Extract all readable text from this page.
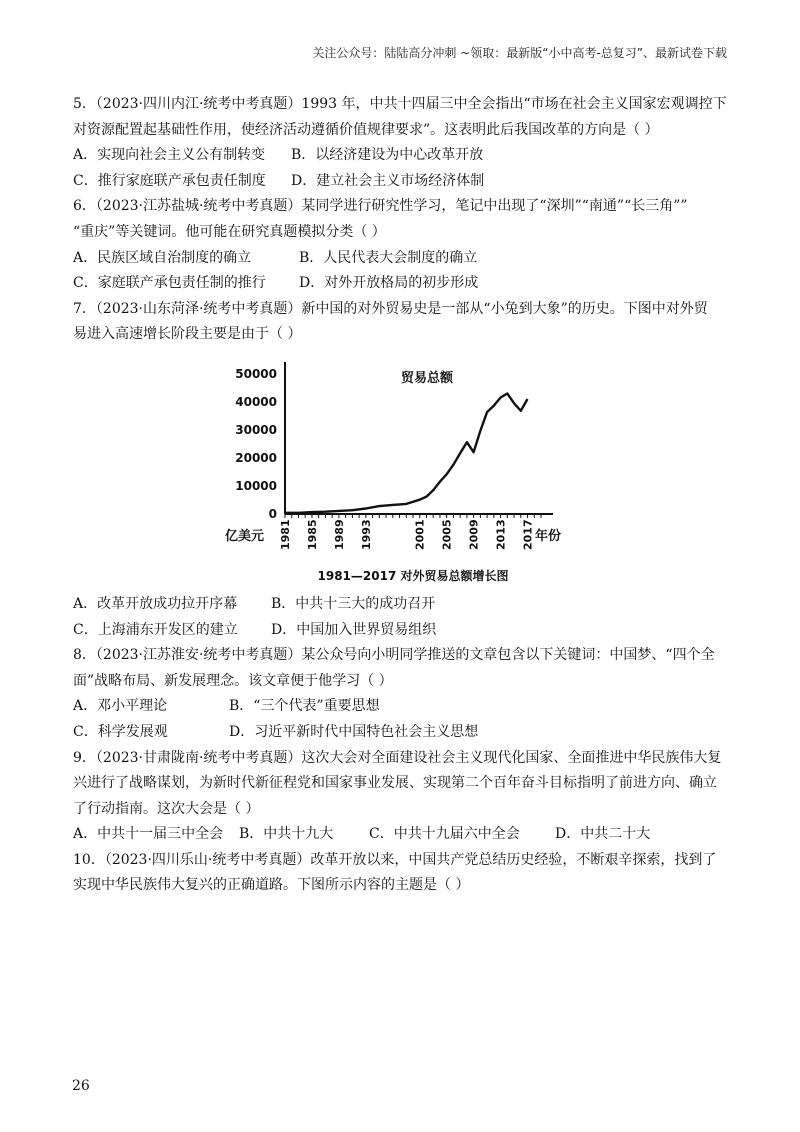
关注公众号：陆陆高分冲刺 ~领取：最新版“小中高考-总复习”、最新试卷下载
5．（2023·四川内江·统考中考真题）1993 年，中共十四届三中全会指出“市场在社会主义国家宏观调控下
对资源配置起基础性作用，使经济活动遵循价值规律要求”。这表明此后我国改革的方向是（ ）
A．实现向社会主义公有制转变	B．以经济建设为中心改革开放
C．推行家庭联产承包责任制度	D．建立社会主义市场经济体制
6．（2023·江苏盐城·统考中考真题）某同学进行研究性学习，笔记中出现了“深圳”“南通”“长三角””
“重庆”等关键词。他可能在研究真题模拟分类（ ）
A．民族区域自治制度的确立	B．人民代表大会制度的确立
C．家庭联产承包责任制的推行	D．对外开放格局的初步形成
7．（2023·山东菏泽·统考中考真题）新中国的对外贸易史是一部从“小兔到大象”的历史。下图中对外贸
易进入高速增长阶段主要是由于（ ）
0
10000
20000
30000
40000
50000
1981 1985 1989 1993	2001 2005 2009 2013 2017
贸易总额
亿美元	年份
1981—2017 对外贸易总额增长图
A．改革开放成功拉开序幕	B．中共十三大的成功召开
C．上海浦东开发区的建立	D．中国加入世界贸易组织
8．（2023·江苏淮安·统考中考真题）某公众号向小明同学推送的文章包含以下关键词：中国梦、“四个全
面”战略布局、新发展理念。该文章便于他学习（ ）
A．邓小平理论	B．“三个代表”重要思想
C．科学发展观	D．习近平新时代中国特色社会主义思想
9．（2023·甘肃陇南·统考中考真题）这次大会对全面建设社会主义现代化国家、全面推进中华民族伟大复
兴进行了战略谋划，为新时代新征程党和国家事业发展、实现第二个百年奋斗目标指明了前进方向、确立
了行动指南。这次大会是（ ）
A．中共十一届三中全会	B．中共十九大	C．中共十九届六中全会	D．中共二十大
10．（2023·四川乐山·统考中考真题）改革开放以来，中国共产党总结历史经验，不断艰辛探索，找到了
实现中华民族伟大复兴的正确道路。下图所示内容的主题是（ ）
26
